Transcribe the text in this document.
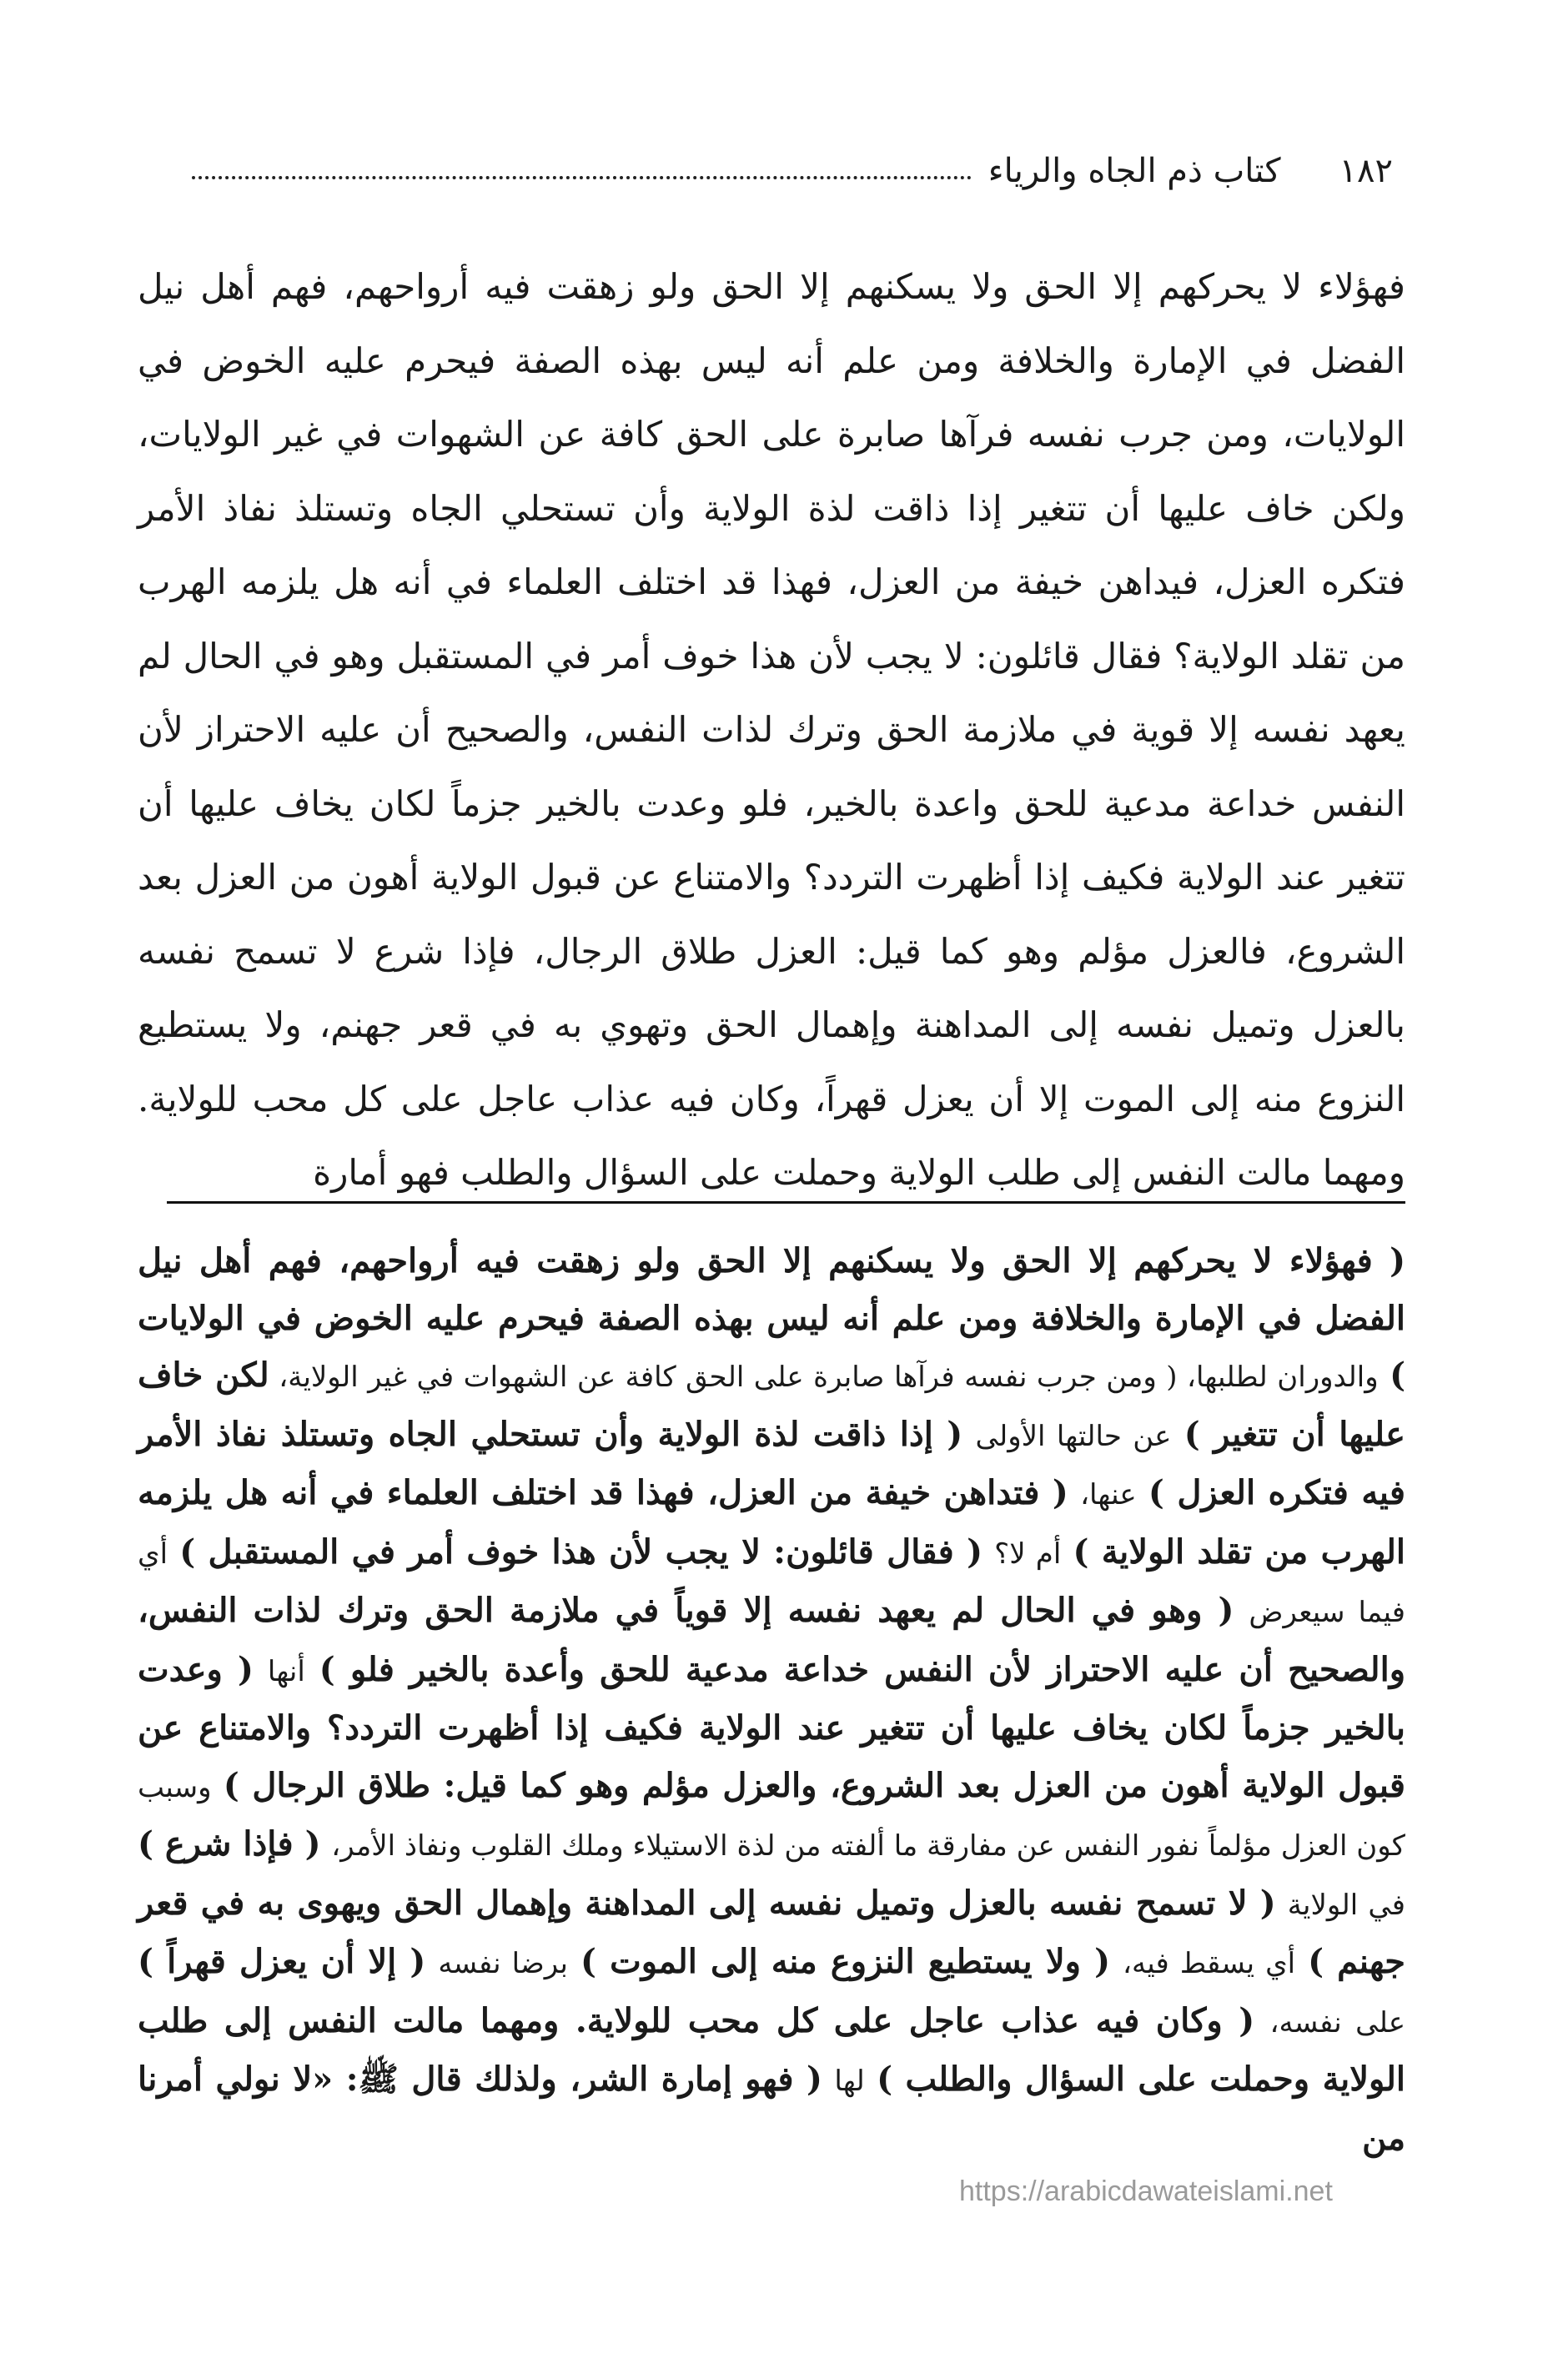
١٨٢
كتاب ذم الجاه والرياء

فهؤلاء لا يحركهم إلا الحق ولا يسكنهم إلا الحق ولو زهقت فيه أرواحهم، فهم أهل نيل الفضل في الإمارة والخلافة ومن علم أنه ليس بهذه الصفة فيحرم عليه الخوض في الولايات، ومن جرب نفسه فرآها صابرة على الحق كافة عن الشهوات في غير الولايات، ولكن خاف عليها أن تتغير إذا ذاقت لذة الولاية وأن تستحلي الجاه وتستلذ نفاذ الأمر فتكره العزل، فيداهن خيفة من العزل، فهذا قد اختلف العلماء في أنه هل يلزمه الهرب من تقلد الولاية؟ فقال قائلون: لا يجب لأن هذا خوف أمر في المستقبل وهو في الحال لم يعهد نفسه إلا قوية في ملازمة الحق وترك لذات النفس، والصحيح أن عليه الاحتراز لأن النفس خداعة مدعية للحق واعدة بالخير، فلو وعدت بالخير جزماً لكان يخاف عليها أن تتغير عند الولاية فكيف إذا أظهرت التردد؟ والامتناع عن قبول الولاية أهون من العزل بعد الشروع، فالعزل مؤلم وهو كما قيل: العزل طلاق الرجال، فإذا شرع لا تسمح نفسه بالعزل وتميل نفسه إلى المداهنة وإهمال الحق وتهوي به في قعر جهنم، ولا يستطيع النزوع منه إلى الموت إلا أن يعزل قهراً، وكان فيه عذاب عاجل على كل محب للولاية. ومهما مالت النفس إلى طلب الولاية وحملت على السؤال والطلب فهو أمارة

( فهؤلاء لا يحركهم إلا الحق ولا يسكنهم إلا الحق ولو زهقت فيه أرواحهم، فهم أهل نيل الفضل في الإمارة والخلافة ومن علم أنه ليس بهذه الصفة فيحرم عليه الخوض في الولايات ) والدوران لطلبها، ( ومن جرب نفسه فرآها صابرة على الحق كافة عن الشهوات في غير الولاية، لكن خاف عليها أن تتغير ) عن حالتها الأولى ( إذا ذاقت لذة الولاية وأن تستحلي الجاه وتستلذ نفاذ الأمر فيه فتكره العزل ) عنها، ( فتداهن خيفة من العزل، فهذا قد اختلف العلماء في أنه هل يلزمه الهرب من تقلد الولاية ) أم لا؟ ( فقال قائلون: لا يجب لأن هذا خوف أمر في المستقبل ) أي فيما سيعرض ( وهو في الحال لم يعهد نفسه إلا قوياً في ملازمة الحق وترك لذات النفس، والصحيح أن عليه الاحتراز لأن النفس خداعة مدعية للحق وأعدة بالخير فلو ) أنها ( وعدت بالخير جزماً لكان يخاف عليها أن تتغير عند الولاية فكيف إذا أظهرت التردد؟ والامتناع عن قبول الولاية أهون من العزل بعد الشروع، والعزل مؤلم وهو كما قيل: طلاق الرجال ) وسبب كون العزل مؤلماً نفور النفس عن مفارقة ما ألفته من لذة الاستيلاء وملك القلوب ونفاذ الأمر، ( فإذا شرع ) في الولاية ( لا تسمح نفسه بالعزل وتميل نفسه إلى المداهنة وإهمال الحق ويهوى به في قعر جهنم ) أي يسقط فيه، ( ولا يستطيع النزوع منه إلى الموت ) برضا نفسه ( إلا أن يعزل قهراً ) على نفسه، ( وكان فيه عذاب عاجل على كل محب للولاية. ومهما مالت النفس إلى طلب الولاية وحملت على السؤال والطلب ) لها ( فهو إمارة الشر، ولذلك قال ﷺ: «لا نولي أمرنا من

https://arabicdawateislami.net
